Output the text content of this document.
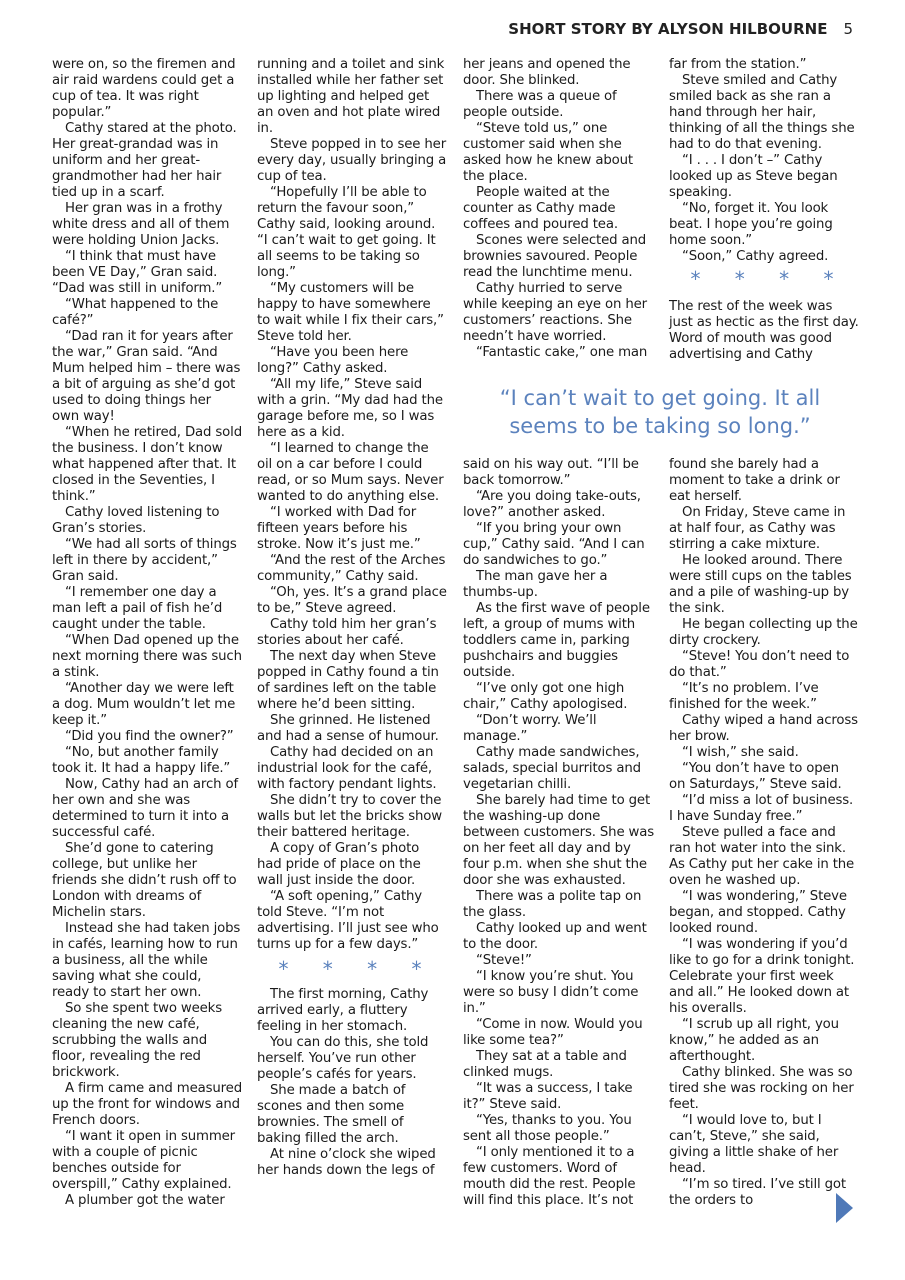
SHORT STORY BY ALYSON HILBOURNE 5

were on, so the firemen and air raid wardens could get a cup of tea. It was right popular.”

Cathy stared at the photo. Her great-grandad was in uniform and her great-grandmother had her hair tied up in a scarf.

Her gran was in a frothy white dress and all of them were holding Union Jacks.

“I think that must have been VE Day,” Gran said. “Dad was still in uniform.”

“What happened to the café?”

“Dad ran it for years after the war,” Gran said. “And Mum helped him – there was a bit of arguing as she’d got used to doing things her own way!

“When he retired, Dad sold the business. I don’t know what happened after that. It closed in the Seventies, I think.”

Cathy loved listening to Gran’s stories.

“We had all sorts of things left in there by accident,” Gran said.

“I remember one day a man left a pail of fish he’d caught under the table.

“When Dad opened up the next morning there was such a stink.

“Another day we were left a dog. Mum wouldn’t let me keep it.”

“Did you find the owner?”

“No, but another family took it. It had a happy life.”

Now, Cathy had an arch of her own and she was determined to turn it into a successful café.

She’d gone to catering college, but unlike her friends she didn’t rush off to London with dreams of Michelin stars.

Instead she had taken jobs in cafés, learning how to run a business, all the while saving what she could, ready to start her own.

So she spent two weeks cleaning the new café, scrubbing the walls and floor, revealing the red brickwork.

A firm came and measured up the front for windows and French doors.

“I want it open in summer with a couple of picnic benches outside for overspill,” Cathy explained.

A plumber got the water

running and a toilet and sink installed while her father set up lighting and helped get an oven and hot plate wired in.

Steve popped in to see her every day, usually bringing a cup of tea.

“Hopefully I’ll be able to return the favour soon,” Cathy said, looking around. “I can’t wait to get going. It all seems to be taking so long.”

“My customers will be happy to have somewhere to wait while I fix their cars,” Steve told her.

“Have you been here long?” Cathy asked.

“All my life,” Steve said with a grin. “My dad had the garage before me, so I was here as a kid.

“I learned to change the oil on a car before I could read, or so Mum says. Never wanted to do anything else.

“I worked with Dad for fifteen years before his stroke. Now it’s just me.”

“And the rest of the Arches community,” Cathy said.

“Oh, yes. It’s a grand place to be,” Steve agreed.

Cathy told him her gran’s stories about her café.

The next day when Steve popped in Cathy found a tin of sardines left on the table where he’d been sitting.

She grinned. He listened and had a sense of humour.

Cathy had decided on an industrial look for the café, with factory pendant lights.

She didn’t try to cover the walls but let the bricks show their battered heritage.

A copy of Gran’s photo had pride of place on the wall just inside the door.

“A soft opening,” Cathy told Steve. “I’m not advertising. I’ll just see who turns up for a few days.”

* * * *

The first morning, Cathy arrived early, a fluttery feeling in her stomach.

You can do this, she told herself. You’ve run other people’s cafés for years.

She made a batch of scones and then some brownies. The smell of baking filled the arch.

At nine o’clock she wiped her hands down the legs of

her jeans and opened the door. She blinked.

There was a queue of people outside.

“Steve told us,” one customer said when she asked how he knew about the place.

People waited at the counter as Cathy made coffees and poured tea.

Scones were selected and brownies savoured. People read the lunchtime menu.

Cathy hurried to serve while keeping an eye on her customers’ reactions. She needn’t have worried.

“Fantastic cake,” one man

far from the station.”

Steve smiled and Cathy smiled back as she ran a hand through her hair, thinking of all the things she had to do that evening.

“I . . . I don’t –” Cathy looked up as Steve began speaking.

“No, forget it. You look beat. I hope you’re going home soon.”

“Soon,” Cathy agreed.

* * * *

The rest of the week was just as hectic as the first day. Word of mouth was good advertising and Cathy

“I can’t wait to get going. It all seems to be taking so long.”

said on his way out. “I’ll be back tomorrow.”

“Are you doing take-outs, love?” another asked.

“If you bring your own cup,” Cathy said. “And I can do sandwiches to go.”

The man gave her a thumbs-up.

As the first wave of people left, a group of mums with toddlers came in, parking pushchairs and buggies outside.

“I’ve only got one high chair,” Cathy apologised.

“Don’t worry. We’ll manage.”

Cathy made sandwiches, salads, special burritos and vegetarian chilli.

She barely had time to get the washing-up done between customers. She was on her feet all day and by four p.m. when she shut the door she was exhausted.

There was a polite tap on the glass.

Cathy looked up and went to the door.

“Steve!”

“I know you’re shut. You were so busy I didn’t come in.”

“Come in now. Would you like some tea?”

They sat at a table and clinked mugs.

“It was a success, I take it?” Steve said.

“Yes, thanks to you. You sent all those people.”

“I only mentioned it to a few customers. Word of mouth did the rest. People will find this place. It’s not

found she barely had a moment to take a drink or eat herself.

On Friday, Steve came in at half four, as Cathy was stirring a cake mixture.

He looked around. There were still cups on the tables and a pile of washing-up by the sink.

He began collecting up the dirty crockery.

“Steve! You don’t need to do that.”

“It’s no problem. I’ve finished for the week.”

Cathy wiped a hand across her brow.

“I wish,” she said.

“You don’t have to open on Saturdays,” Steve said.

“I’d miss a lot of business. I have Sunday free.”

Steve pulled a face and ran hot water into the sink. As Cathy put her cake in the oven he washed up.

“I was wondering,” Steve began, and stopped. Cathy looked round.

“I was wondering if you’d like to go for a drink tonight. Celebrate your first week and all.” He looked down at his overalls.

“I scrub up all right, you know,” he added as an afterthought.

Cathy blinked. She was so tired she was rocking on her feet.

“I would love to, but I can’t, Steve,” she said, giving a little shake of her head.

“I’m so tired. I’ve still got the orders to
